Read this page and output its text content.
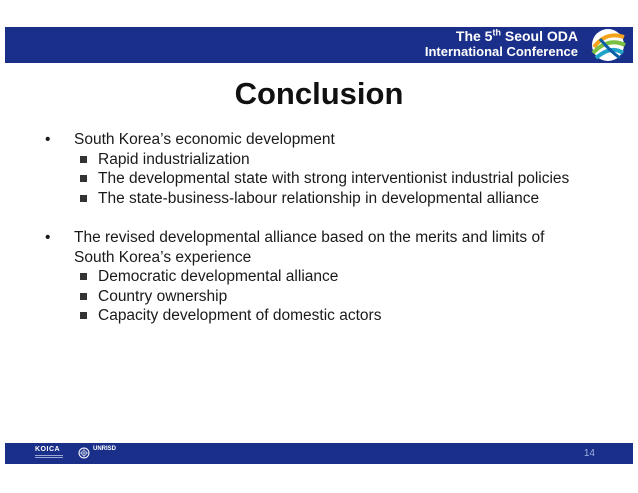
The 5th Seoul ODA
International Conference
Conclusion
• South Korea’s economic development
Rapid industrialization
The developmental state with strong interventionist industrial policies
The state-business-labour relationship in developmental alliance
• The revised developmental alliance based on the merits and limits of
South Korea’s experience
Democratic developmental alliance
Country ownership
Capacity development of domestic actors
KOICA	UNRISD	14
